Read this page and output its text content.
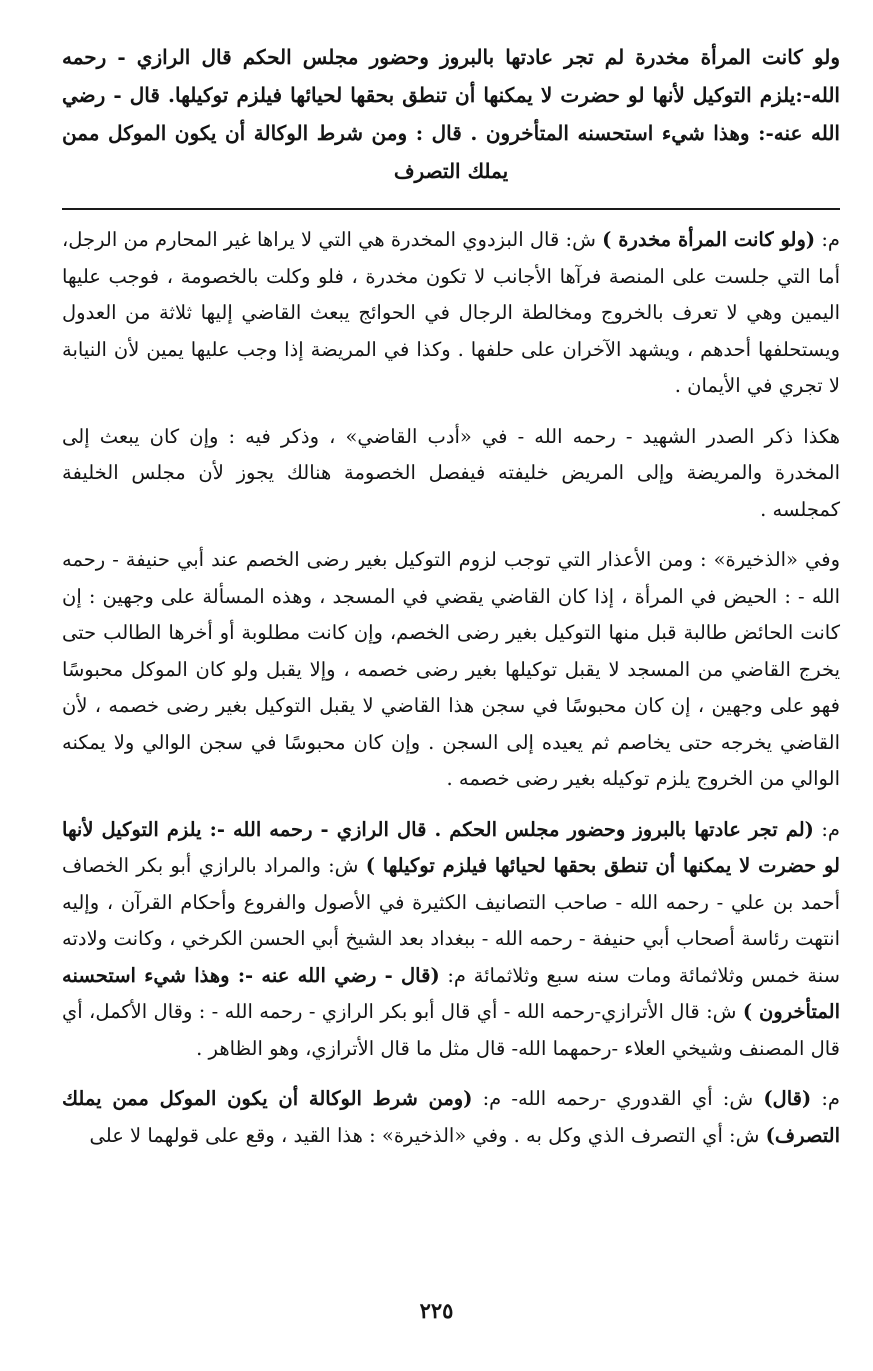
ولو كانت المرأة مخدرة لم تجر عادتها بالبروز وحضور مجلس الحكم قال الرازي - رحمه الله-:يلزم التوكيل لأنها لو حضرت لا يمكنها أن تنطق بحقها لحيائها فيلزم توكيلها. قال - رضي الله عنه-: وهذا شيء استحسنه المتأخرون . قال : ومن شرط الوكالة أن يكون الموكل ممن يملك التصرف

م: (ولو كانت المرأة مخدرة ) ش: قال البزدوي المخدرة هي التي لا يراها غير المحارم من الرجل، أما التي جلست على المنصة فرآها الأجانب لا تكون مخدرة ، فلو وكلت بالخصومة ، فوجب عليها اليمين وهي لا تعرف بالخروج ومخالطة الرجال في الحوائج يبعث القاضي إليها ثلاثة من العدول ويستحلفها أحدهم ، ويشهد الآخران على حلفها . وكذا في المريضة إذا وجب عليها يمين لأن النيابة لا تجري في الأيمان .

هكذا ذكر الصدر الشهيد - رحمه الله - في «أدب القاضي» ، وذكر فيه : وإن كان يبعث إلى المخدرة والمريضة وإلى المريض خليفته فيفصل الخصومة هنالك يجوز لأن مجلس الخليفة كمجلسه .

وفي «الذخيرة» : ومن الأعذار التي توجب لزوم التوكيل بغير رضى الخصم عند أبي حنيفة - رحمه الله - : الحيض في المرأة ، إذا كان القاضي يقضي في المسجد ، وهذه المسألة على وجهين : إن كانت الحائض طالبة قبل منها التوكيل بغير رضى الخصم، وإن كانت مطلوبة أو أخرها الطالب حتى يخرج القاضي من المسجد لا يقبل توكيلها بغير رضى خصمه ، وإلا يقبل ولو كان الموكل محبوسًا فهو على وجهين ، إن كان محبوسًا في سجن هذا القاضي لا يقبل التوكيل بغير رضى خصمه ، لأن القاضي يخرجه حتى يخاصم ثم يعيده إلى السجن . وإن كان محبوسًا في سجن الوالي ولا يمكنه الوالي من الخروج يلزم توكيله بغير رضى خصمه .

م: (لم تجر عادتها بالبروز وحضور مجلس الحكم . قال الرازي - رحمه الله -: يلزم التوكيل لأنها لو حضرت لا يمكنها أن تنطق بحقها لحيائها فيلزم توكيلها ) ش: والمراد بالرازي أبو بكر الخصاف أحمد بن علي - رحمه الله - صاحب التصانيف الكثيرة في الأصول والفروع وأحكام القرآن ، وإليه انتهت رئاسة أصحاب أبي حنيفة - رحمه الله - ببغداد بعد الشيخ أبي الحسن الكرخي ، وكانت ولادته سنة خمس وثلاثمائة ومات سنه سبع وثلاثمائة م: (قال - رضي الله عنه -: وهذا شيء استحسنه المتأخرون ) ش: قال الأترازي-رحمه الله - أي قال أبو بكر الرازي - رحمه الله - : وقال الأكمل، أي قال المصنف وشيخي العلاء -رحمهما الله- قال مثل ما قال الأترازي، وهو الظاهر .

م: (قال) ش: أي القدوري -رحمه الله- م: (ومن شرط الوكالة أن يكون الموكل ممن يملك التصرف) ش: أي التصرف الذي وكل به . وفي «الذخيرة» : هذا القيد ، وقع على قولهما لا على

٢٢٥
